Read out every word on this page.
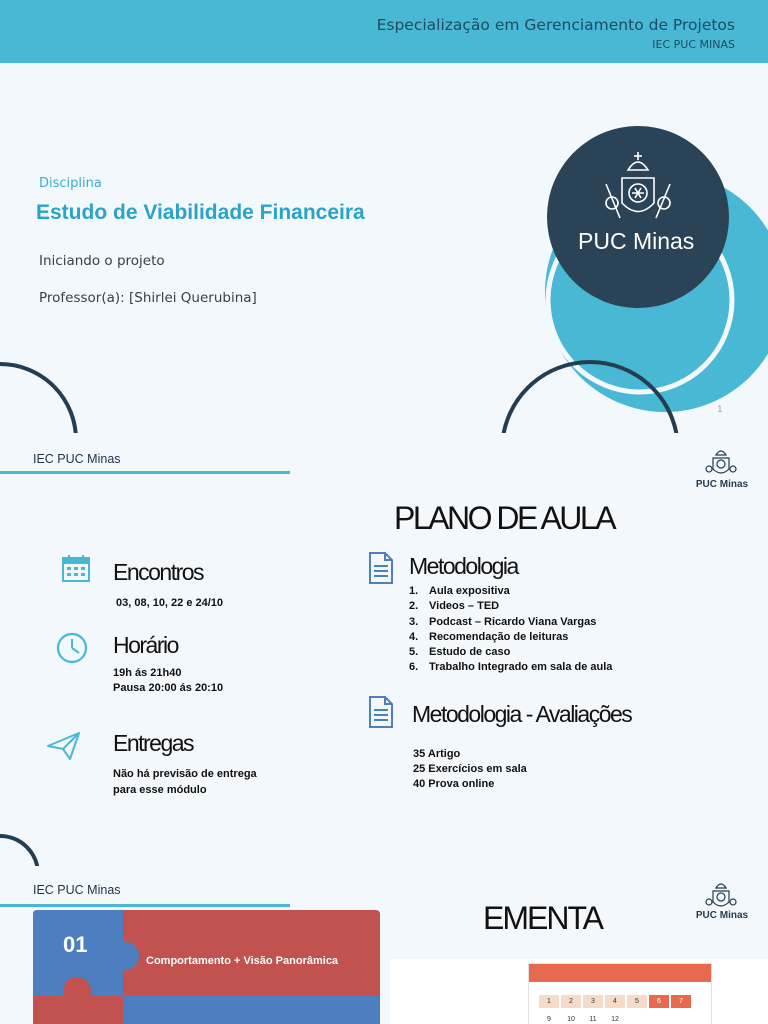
Especialização em Gerenciamento de Projetos
IEC PUC MINAS
PUC Minas
Disciplina
Estudo de Viabilidade Financeira
Iniciando o projeto
Professor(a): [Shirlei Querubina]
1
IEC PUC Minas
PUC Minas
PLANO DE AULA
Encontros
03, 08, 10, 22 e 24/10
Horário
19h ás 21h40
Pausa 20:00 ás 20:10
Entregas
Não há previsão de entrega
para esse módulo
Metodologia
1. Aula expositiva
2. Videos – TED
3. Podcast – Ricardo Viana Vargas
4. Recomendação de leituras
5. Estudo de caso
6. Trabalho Integrado em sala de aula
Metodologia - Avaliações
35 Artigo
25 Exercícios em sala
40 Prova online
IEC PUC Minas
PUC Minas
EMENTA
01
Comportamento + Visão Panorâmica
1	2	3	4	5	6	7
9 10 11 12
